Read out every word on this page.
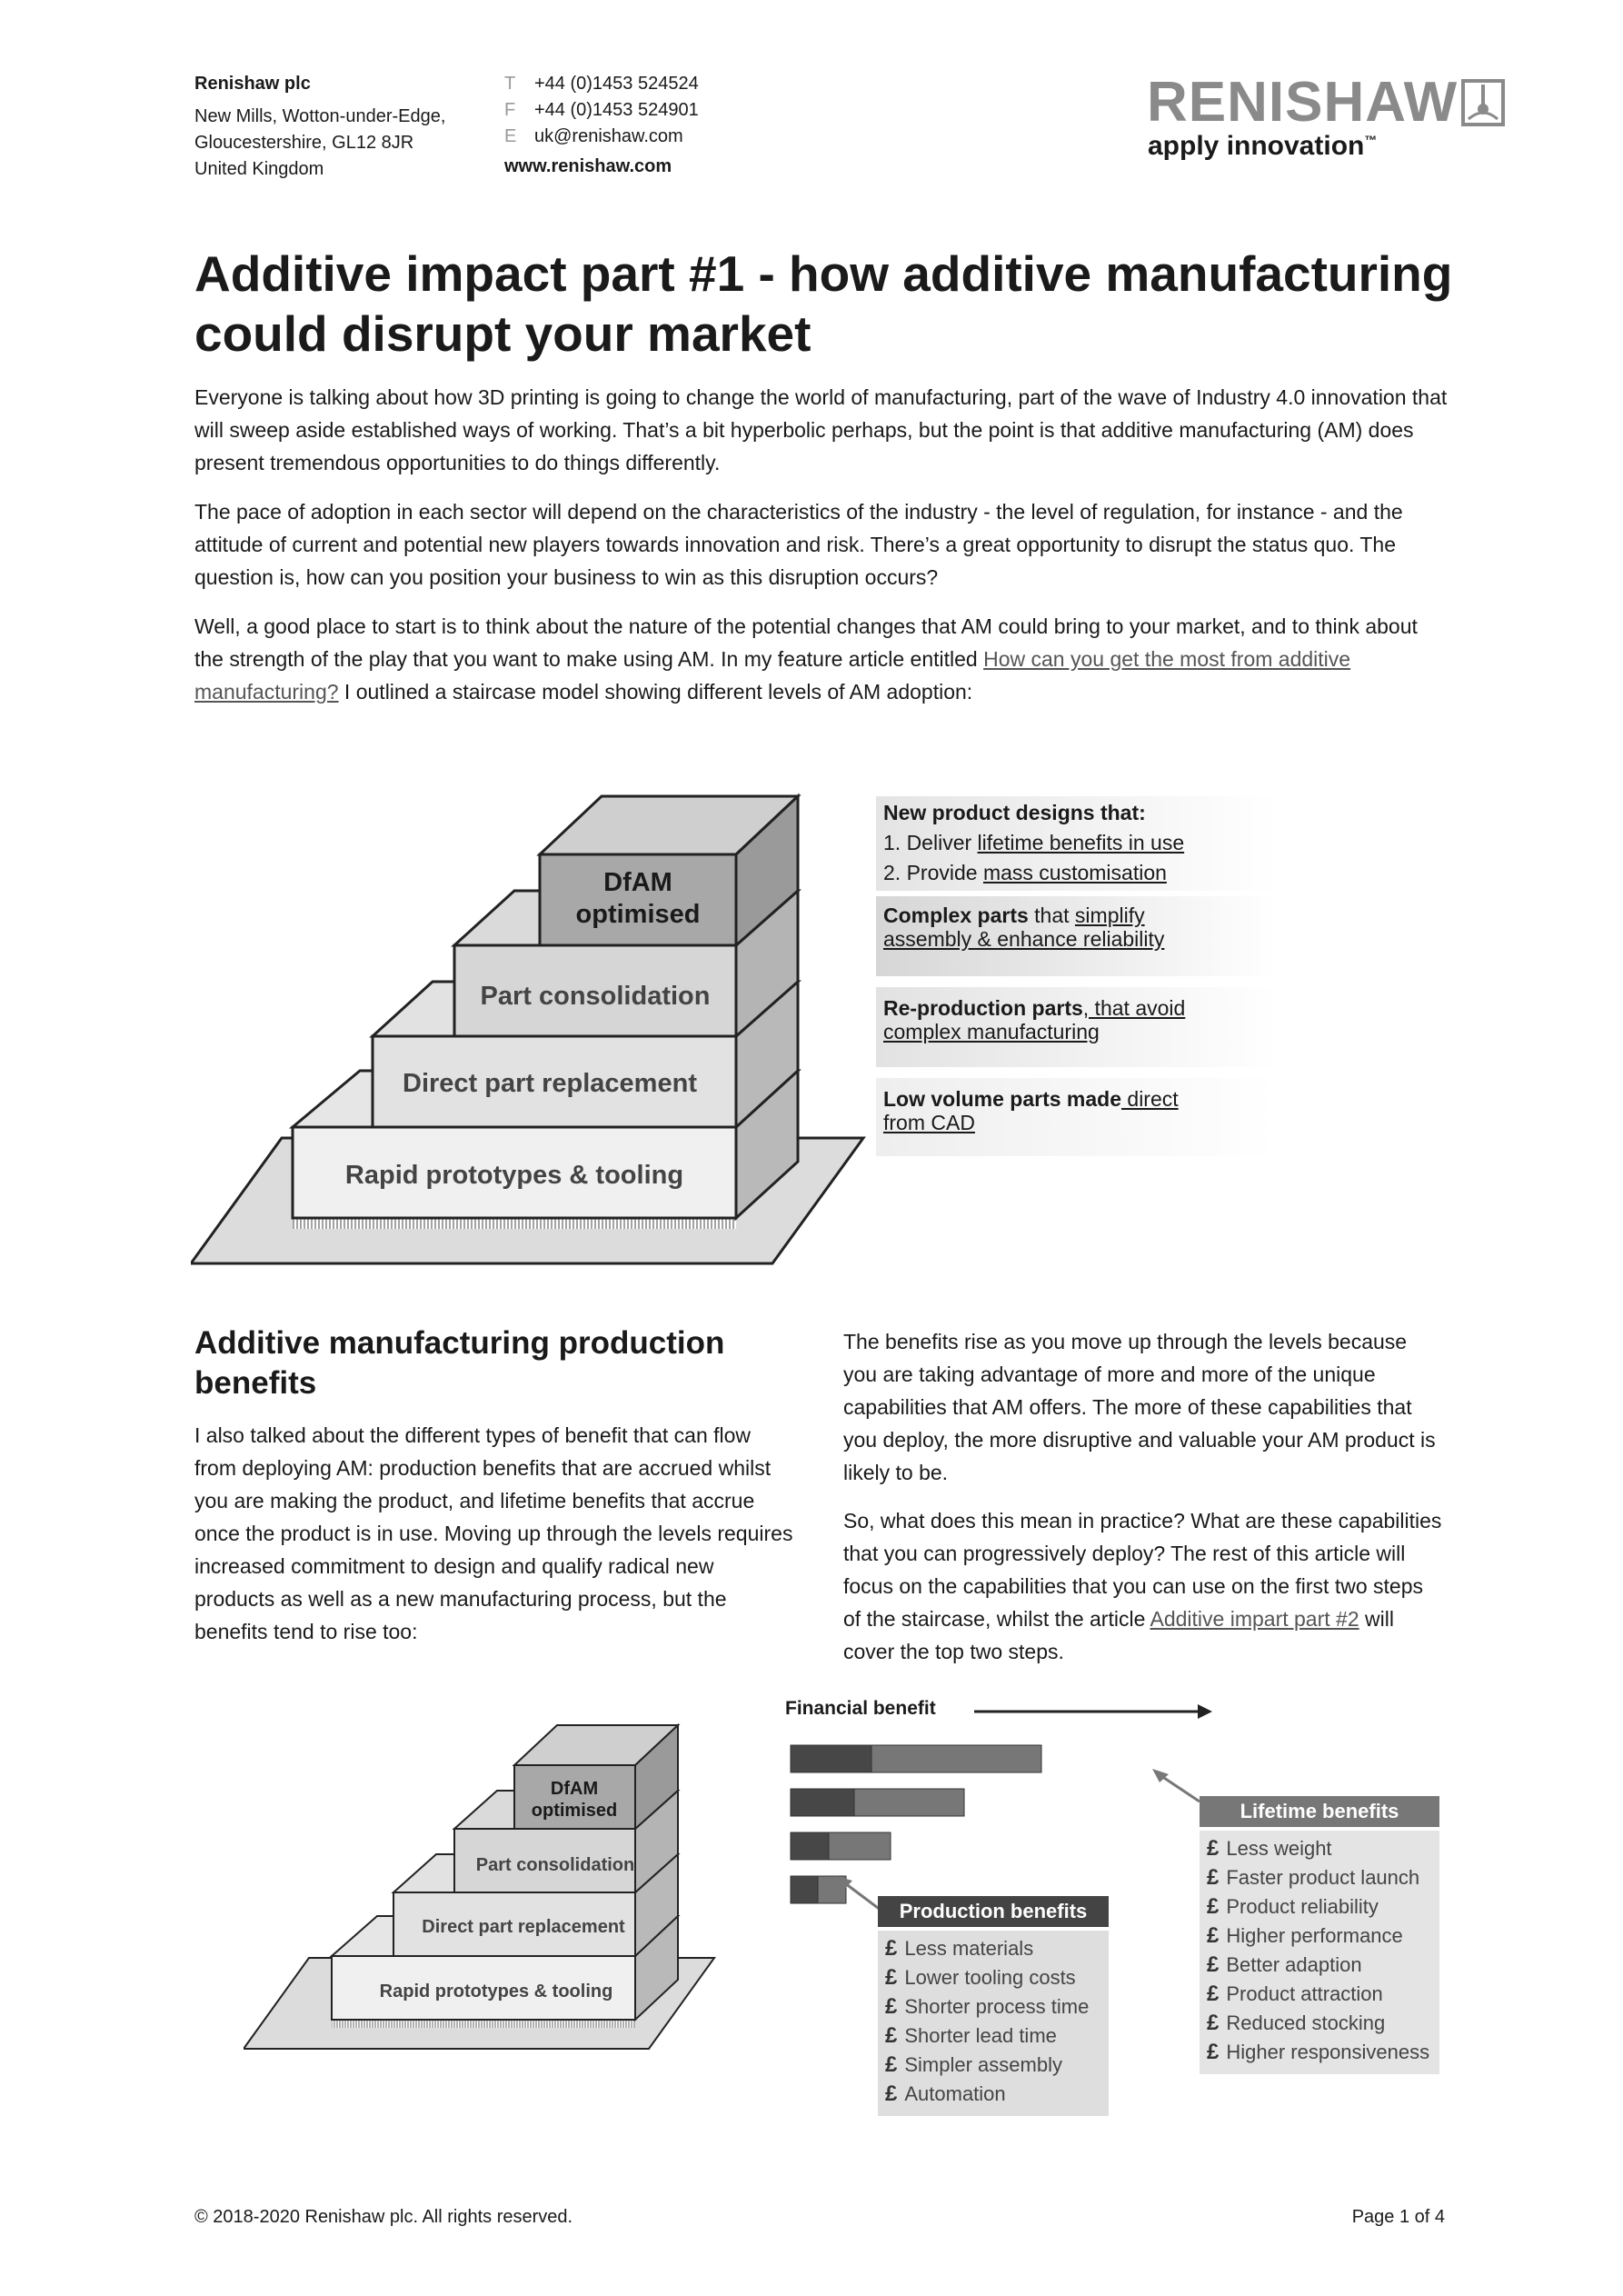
Renishaw plc
New Mills, Wotton-under-Edge,
Gloucestershire, GL12 8JR
United Kingdom
T +44 (0)1453 524524
F +44 (0)1453 524901
E uk@renishaw.com
www.renishaw.com
RENISHAW
apply innovation™
Additive impact part #1 - how additive manufacturing could disrupt your market

Everyone is talking about how 3D printing is going to change the world of manufacturing, part of the wave of Industry 4.0 innovation that will sweep aside established ways of working. That’s a bit hyperbolic perhaps, but the point is that additive manufacturing (AM) does present tremendous opportunities to do things differently.

The pace of adoption in each sector will depend on the characteristics of the industry - the level of regulation, for instance - and the attitude of current and potential new players towards innovation and risk. There’s a great opportunity to disrupt the status quo. The question is, how can you position your business to win as this disruption occurs?

Well, a good place to start is to think about the nature of the potential changes that AM could bring to your market, and to think about the strength of the play that you want to make using AM. In my feature article entitled How can you get the most from additive manufacturing? I outlined a staircase model showing different levels of AM adoption:

Rapid prototypes & tooling
Direct part replacement
Part consolidation
DfAM
optimised
New product designs that:
1. Deliver lifetime benefits in use
2. Provide mass customisation
Complex parts that simplify
assembly & enhance reliability
Re-production parts, that avoid
complex manufacturing
Low volume parts made direct
from CAD
Additive manufacturing production
benefits

I also talked about the different types of benefit that can flow from deploying AM: production benefits that are accrued whilst you are making the product, and lifetime benefits that accrue once the product is in use. Moving up through the levels requires increased commitment to design and qualify radical new products as well as a new manufacturing process, but the benefits tend to rise too:

The benefits rise as you move up through the levels because you are taking advantage of more and more of the unique capabilities that AM offers. The more of these capabilities that you deploy, the more disruptive and valuable your AM product is likely to be.

So, what does this mean in practice? What are these capabilities that you can progressively deploy? The rest of this article will focus on the capabilities that you can use on the first two steps of the staircase, whilst the article Additive impart part #2 will cover the top two steps.

Rapid prototypes & tooling
Direct part replacement
Part consolidation
DfAM
optimised
Financial benefit
Production benefits
£ Less materials
£ Lower tooling costs
£ Shorter process time
£ Shorter lead time
£ Simpler assembly
£ Automation
Lifetime benefits
£ Less weight
£ Faster product launch
£ Product reliability
£ Higher performance
£ Better adaption
£ Product attraction
£ Reduced stocking
£ Higher responsiveness
© 2018-2020 Renishaw plc. All rights reserved.	Page 1 of 4
